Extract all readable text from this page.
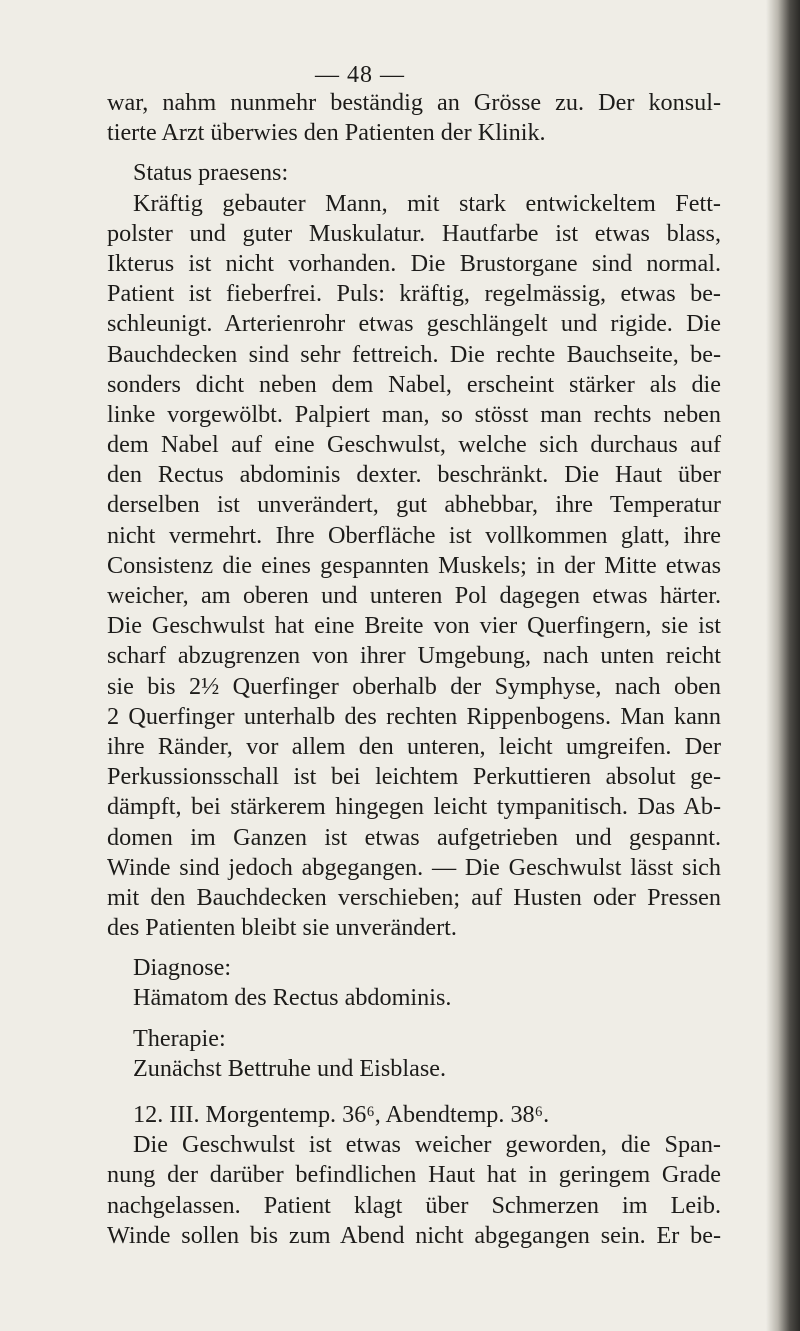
— 48 —
war, nahm nunmehr beständig an Grösse zu. Der konsul-
tierte Arzt überwies den Patienten der Klinik.
Status praesens:
Kräftig gebauter Mann, mit stark entwickeltem Fett-
polster und guter Muskulatur. Hautfarbe ist etwas blass,
Ikterus ist nicht vorhanden. Die Brustorgane sind normal.
Patient ist fieberfrei. Puls: kräftig, regelmässig, etwas be-
schleunigt. Arterienrohr etwas geschlängelt und rigide. Die
Bauchdecken sind sehr fettreich. Die rechte Bauchseite, be-
sonders dicht neben dem Nabel, erscheint stärker als die
linke vorgewölbt. Palpiert man, so stösst man rechts neben
dem Nabel auf eine Geschwulst, welche sich durchaus auf
den Rectus abdominis dexter. beschränkt. Die Haut über
derselben ist unverändert, gut abhebbar, ihre Temperatur
nicht vermehrt. Ihre Oberfläche ist vollkommen glatt, ihre
Consistenz die eines gespannten Muskels; in der Mitte etwas
weicher, am oberen und unteren Pol dagegen etwas härter.
Die Geschwulst hat eine Breite von vier Querfingern, sie ist
scharf abzugrenzen von ihrer Umgebung, nach unten reicht
sie bis 2½ Querfinger oberhalb der Symphyse, nach oben
2 Querfinger unterhalb des rechten Rippenbogens. Man kann
ihre Ränder, vor allem den unteren, leicht umgreifen. Der
Perkussionsschall ist bei leichtem Perkuttieren absolut ge-
dämpft, bei stärkerem hingegen leicht tympanitisch. Das Ab-
domen im Ganzen ist etwas aufgetrieben und gespannt.
Winde sind jedoch abgegangen. — Die Geschwulst lässt sich
mit den Bauchdecken verschieben; auf Husten oder Pressen
des Patienten bleibt sie unverändert.
Diagnose:
Hämatom des Rectus abdominis.
Therapie:
Zunächst Bettruhe und Eisblase.
12. III. Morgentemp. 36⁶, Abendtemp. 38⁶.
Die Geschwulst ist etwas weicher geworden, die Span-
nung der darüber befindlichen Haut hat in geringem Grade
nachgelassen. Patient klagt über Schmerzen im Leib.
Winde sollen bis zum Abend nicht abgegangen sein. Er be-
